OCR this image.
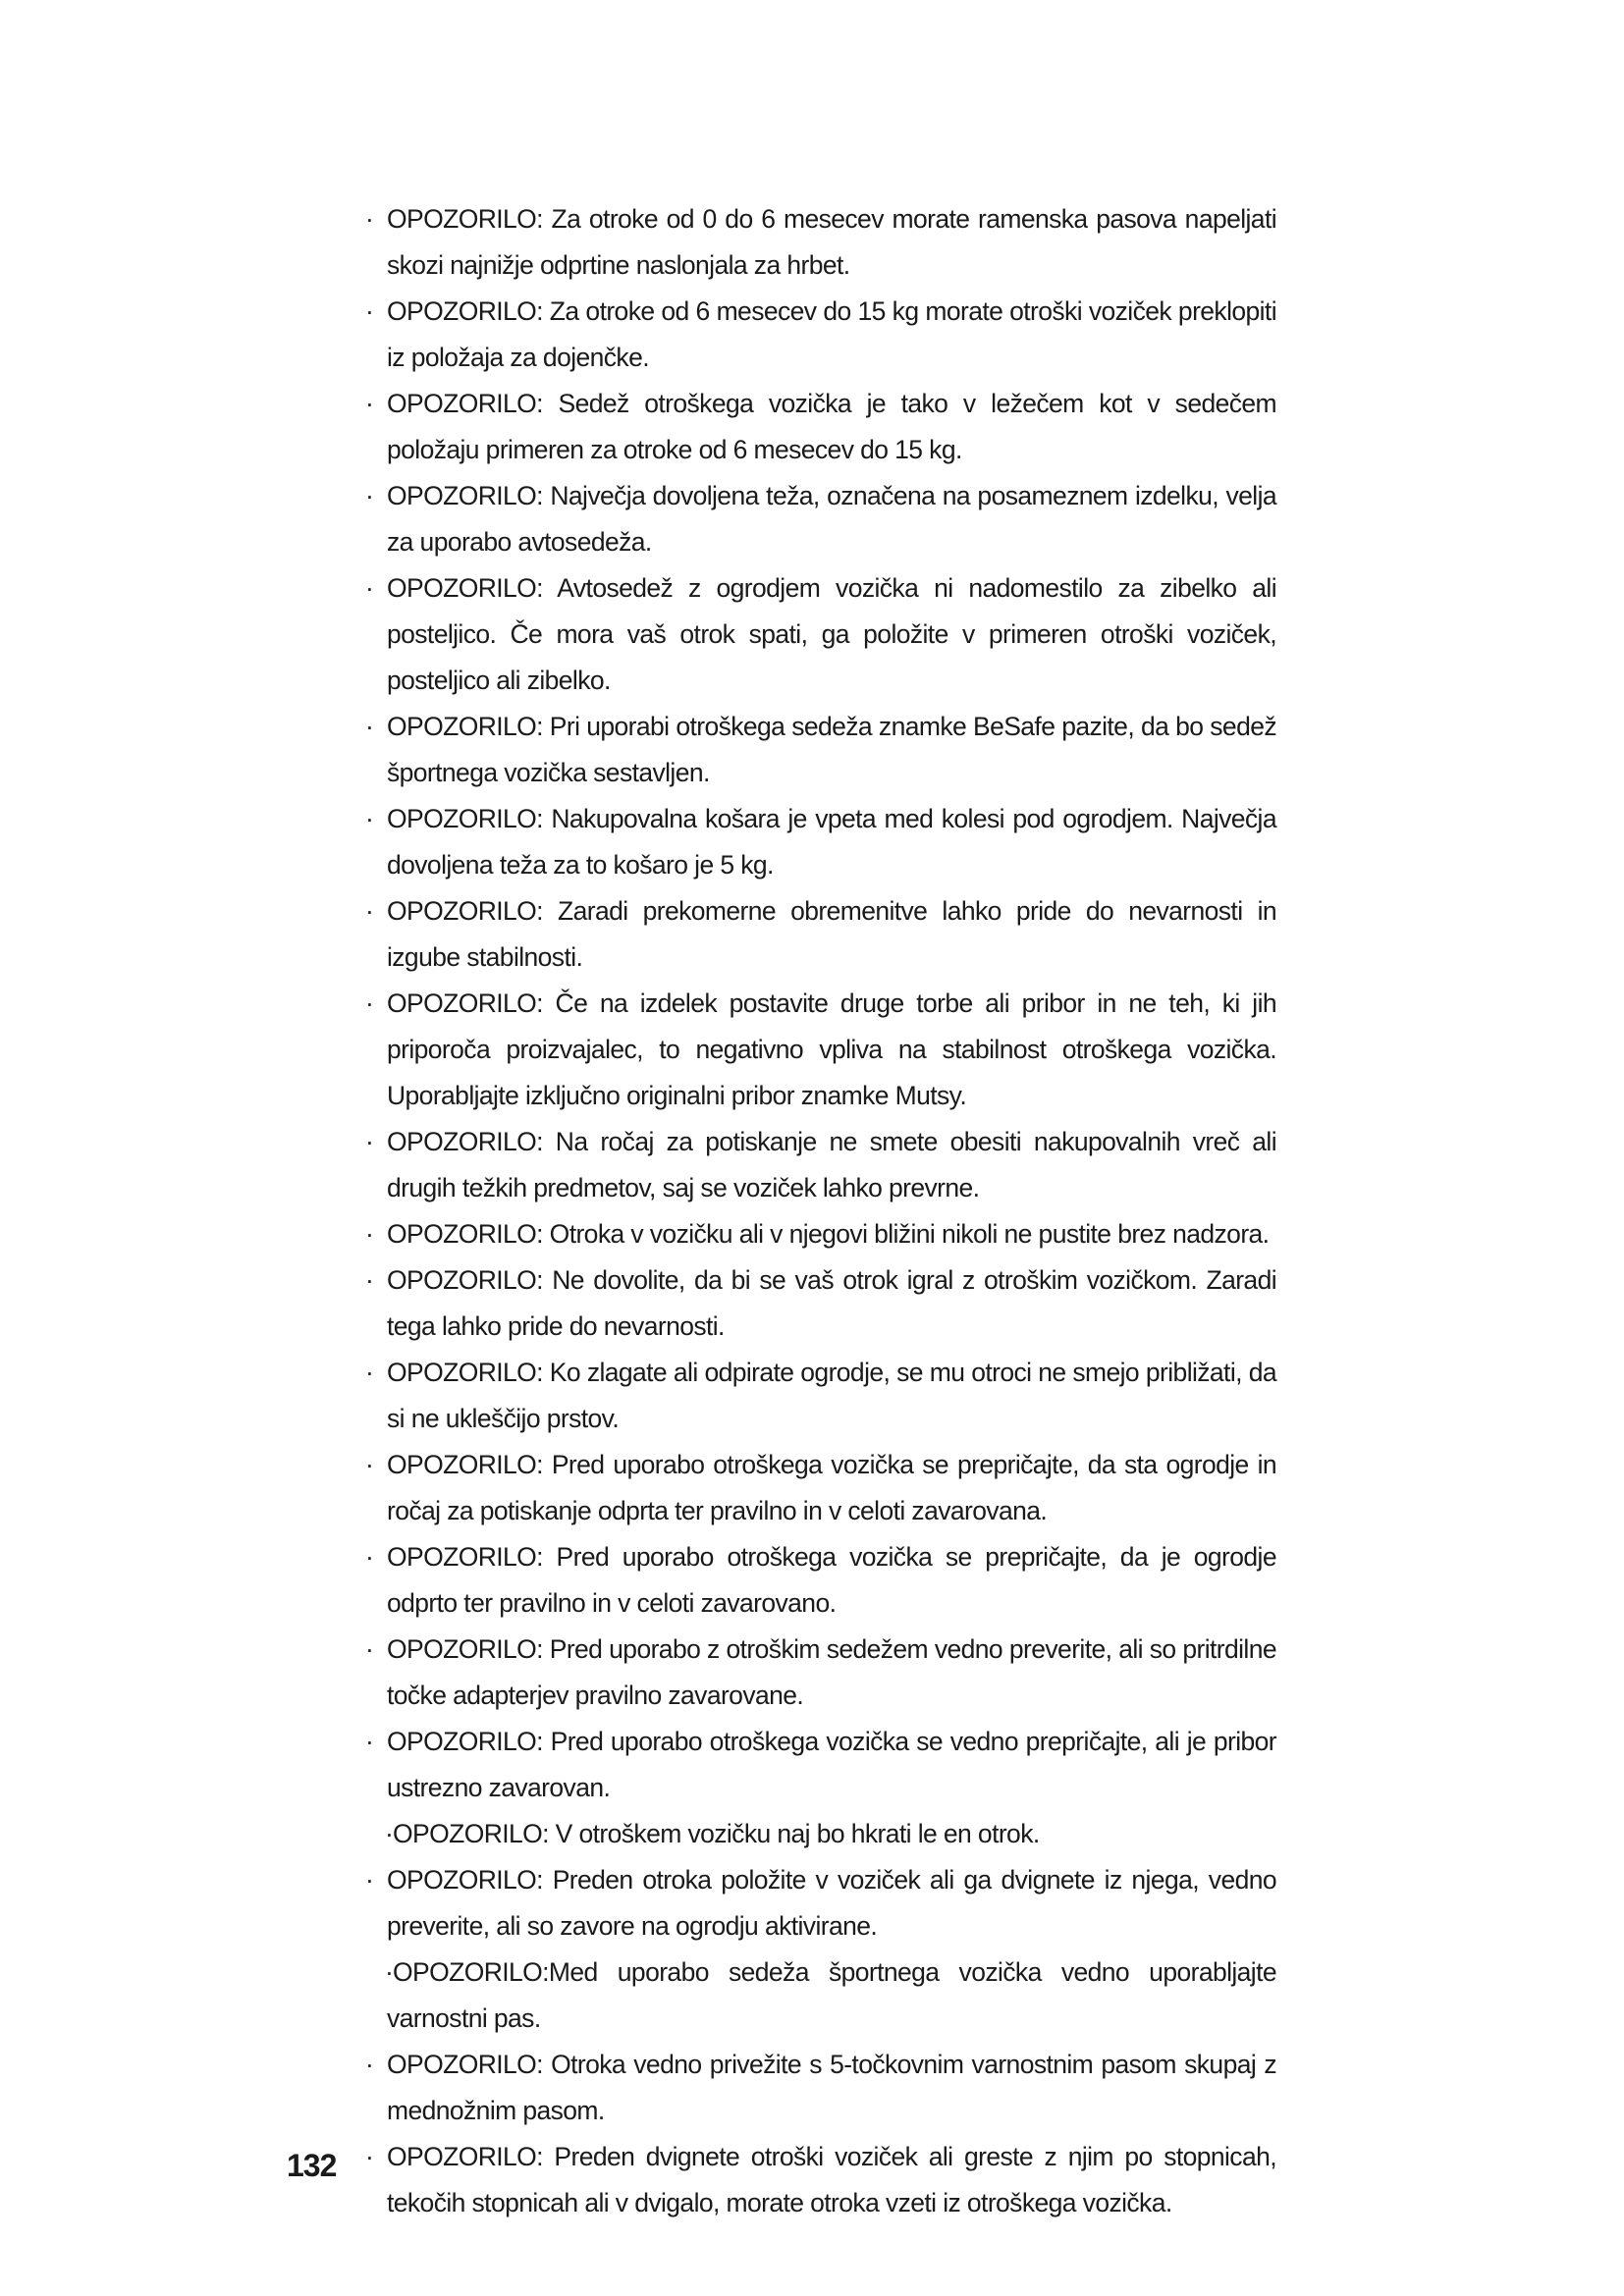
· OPOZORILO: Za otroke od 0 do 6 mesecev morate ramenska pasova napeljati skozi najnižje odprtine naslonjala za hrbet.
· OPOZORILO: Za otroke od 6 mesecev do 15 kg morate otroški voziček preklopiti iz položaja za dojenčke.
· OPOZORILO: Sedež otroškega vozička je tako v ležečem kot v sedečem položaju primeren za otroke od 6 mesecev do 15 kg.
· OPOZORILO: Največja dovoljena teža, označena na posameznem izdelku, velja za uporabo avtosedeža.
· OPOZORILO: Avtosedež z ogrodjem vozička ni nadomestilo za zibelko ali posteljico. Če mora vaš otrok spati, ga položite v primeren otroški voziček, posteljico ali zibelko.
· OPOZORILO: Pri uporabi otroškega sedeža znamke BeSafe pazite, da bo sedež športnega vozička sestavljen.
· OPOZORILO: Nakupovalna košara je vpeta med kolesi pod ogrodjem. Največja dovoljena teža za to košaro je 5 kg.
· OPOZORILO: Zaradi prekomerne obremenitve lahko pride do nevarnosti in izgube stabilnosti.
· OPOZORILO: Če na izdelek postavite druge torbe ali pribor in ne teh, ki jih priporoča proizvajalec, to negativno vpliva na stabilnost otroškega vozička. Uporabljajte izključno originalni pribor znamke Mutsy.
· OPOZORILO: Na ročaj za potiskanje ne smete obesiti nakupovalnih vreč ali drugih težkih predmetov, saj se voziček lahko prevrne.
· OPOZORILO: Otroka v vozičku ali v njegovi bližini nikoli ne pustite brez nadzora.
· OPOZORILO: Ne dovolite, da bi se vaš otrok igral z otroškim vozičkom. Zaradi tega lahko pride do nevarnosti.
· OPOZORILO: Ko zlagate ali odpirate ogrodje, se mu otroci ne smejo približati, da si ne ukleščijo prstov.
· OPOZORILO: Pred uporabo otroškega vozička se prepričajte, da sta ogrodje in ročaj za potiskanje odprta ter pravilno in v celoti zavarovana.
· OPOZORILO: Pred uporabo otroškega vozička se prepričajte, da je ogrodje odprto ter pravilno in v celoti zavarovano.
· OPOZORILO: Pred uporabo z otroškim sedežem vedno preverite, ali so pritrdilne točke adapterjev pravilno zavarovane.
· OPOZORILO: Pred uporabo otroškega vozička se vedno prepričajte, ali je pribor ustrezno zavarovan.
· OPOZORILO: V otroškem vozičku naj bo hkrati le en otrok.
· OPOZORILO: Preden otroka položite v voziček ali ga dvignete iz njega, vedno preverite, ali so zavore na ogrodju aktivirane.
· OPOZORILO:Med uporabo sedeža športnega vozička vedno uporabljajte varnostni pas.
· OPOZORILO: Otroka vedno privežite s 5-točkovnim varnostnim pasom skupaj z mednožnim pasom.
· OPOZORILO: Preden dvignete otroški voziček ali greste z njim po stopnicah, tekočih stopnicah ali v dvigalo, morate otroka vzeti iz otroškega vozička.
132
